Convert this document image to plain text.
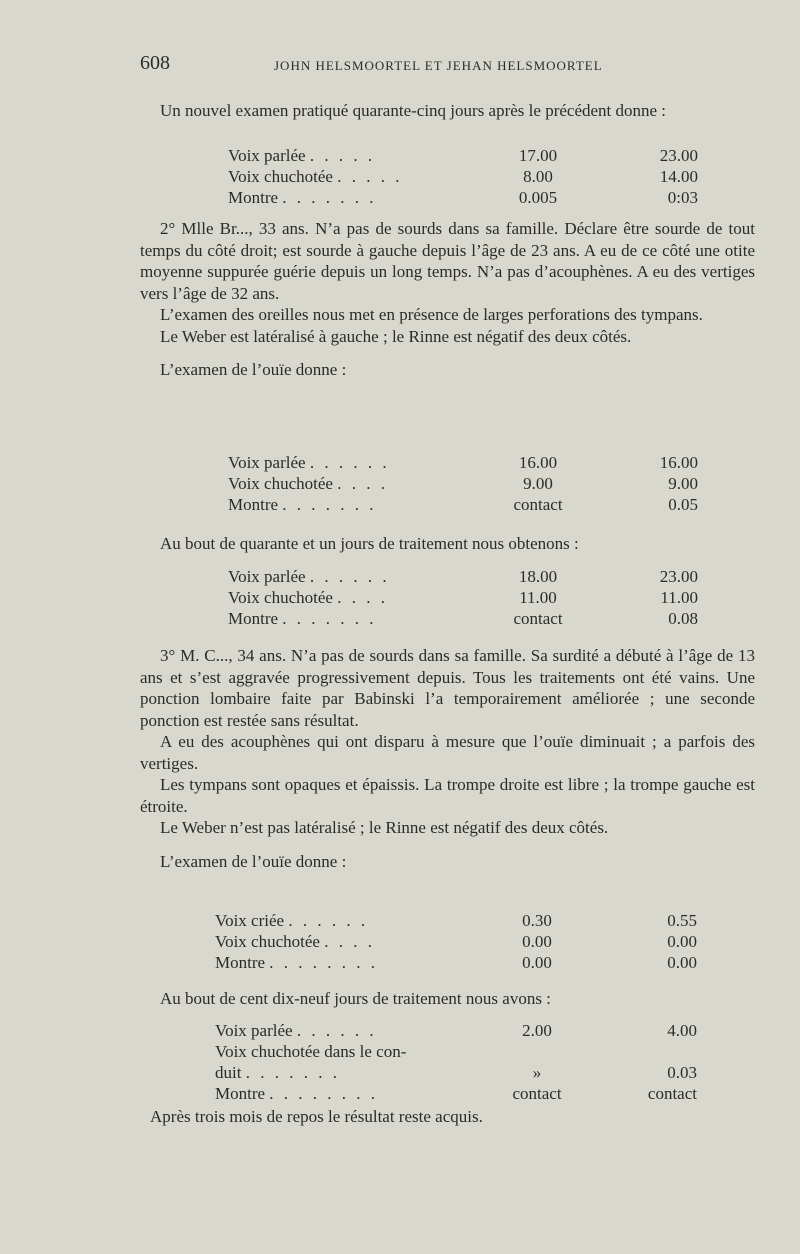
608	JOHN HELSMOORTEL ET JEHAN HELSMOORTEL
Un nouvel examen pratiqué quarante-cinq jours après le précédent donne :
Voix parlée . . . . .	17.00	23.00
Voix chuchotée . . . . .	8.00	14.00
Montre . . . . . . .	0.005	0:03
2° Mlle Br..., 33 ans. N’a pas de sourds dans sa famille. Déclare être sourde de tout temps du côté droit; est sourde à gauche depuis l’âge de 23 ans. A eu de ce côté une otite moyenne suppurée guérie depuis un long temps. N’a pas d’acouphènes. A eu des vertiges vers l’âge de 32 ans.
L’examen des oreilles nous met en présence de larges perforations des tympans.
Le Weber est latéralisé à gauche ; le Rinne est négatif des deux côtés.
L’examen de l’ouïe donne :
Voix parlée . . . . . .	16.00	16.00
Voix chuchotée . . . .	9.00	9.00
Montre . . . . . . .	contact	0.05
Au bout de quarante et un jours de traitement nous obtenons :
Voix parlée . . . . . .	18.00	23.00
Voix chuchotée . . . .	11.00	11.00
Montre . . . . . . .	contact	0.08
3° M. C..., 34 ans. N’a pas de sourds dans sa famille. Sa surdité a débuté à l’âge de 13 ans et s’est aggravée progressivement depuis. Tous les traitements ont été vains. Une ponction lombaire faite par Babinski l’a temporairement améliorée ; une seconde ponction est restée sans résultat.
A eu des acouphènes qui ont disparu à mesure que l’ouïe diminuait ; a parfois des vertiges.
Les tympans sont opaques et épaissis. La trompe droite est libre ; la trompe gauche est étroite.
Le Weber n’est pas latéralisé ; le Rinne est négatif des deux côtés.
L’examen de l’ouïe donne :
Voix criée . . . . . .	0.30	0.55
Voix chuchotée . . . .	0.00	0.00
Montre . . . . . . . .	0.00	0.00
Au bout de cent dix-neuf jours de traitement nous avons :
Voix parlée . . . . . .	2.00	4.00
Voix chuchotée dans le con-
duit . . . . . . .	»	0.03
Montre . . . . . . . .	contact	contact
Après trois mois de repos le résultat reste acquis.
